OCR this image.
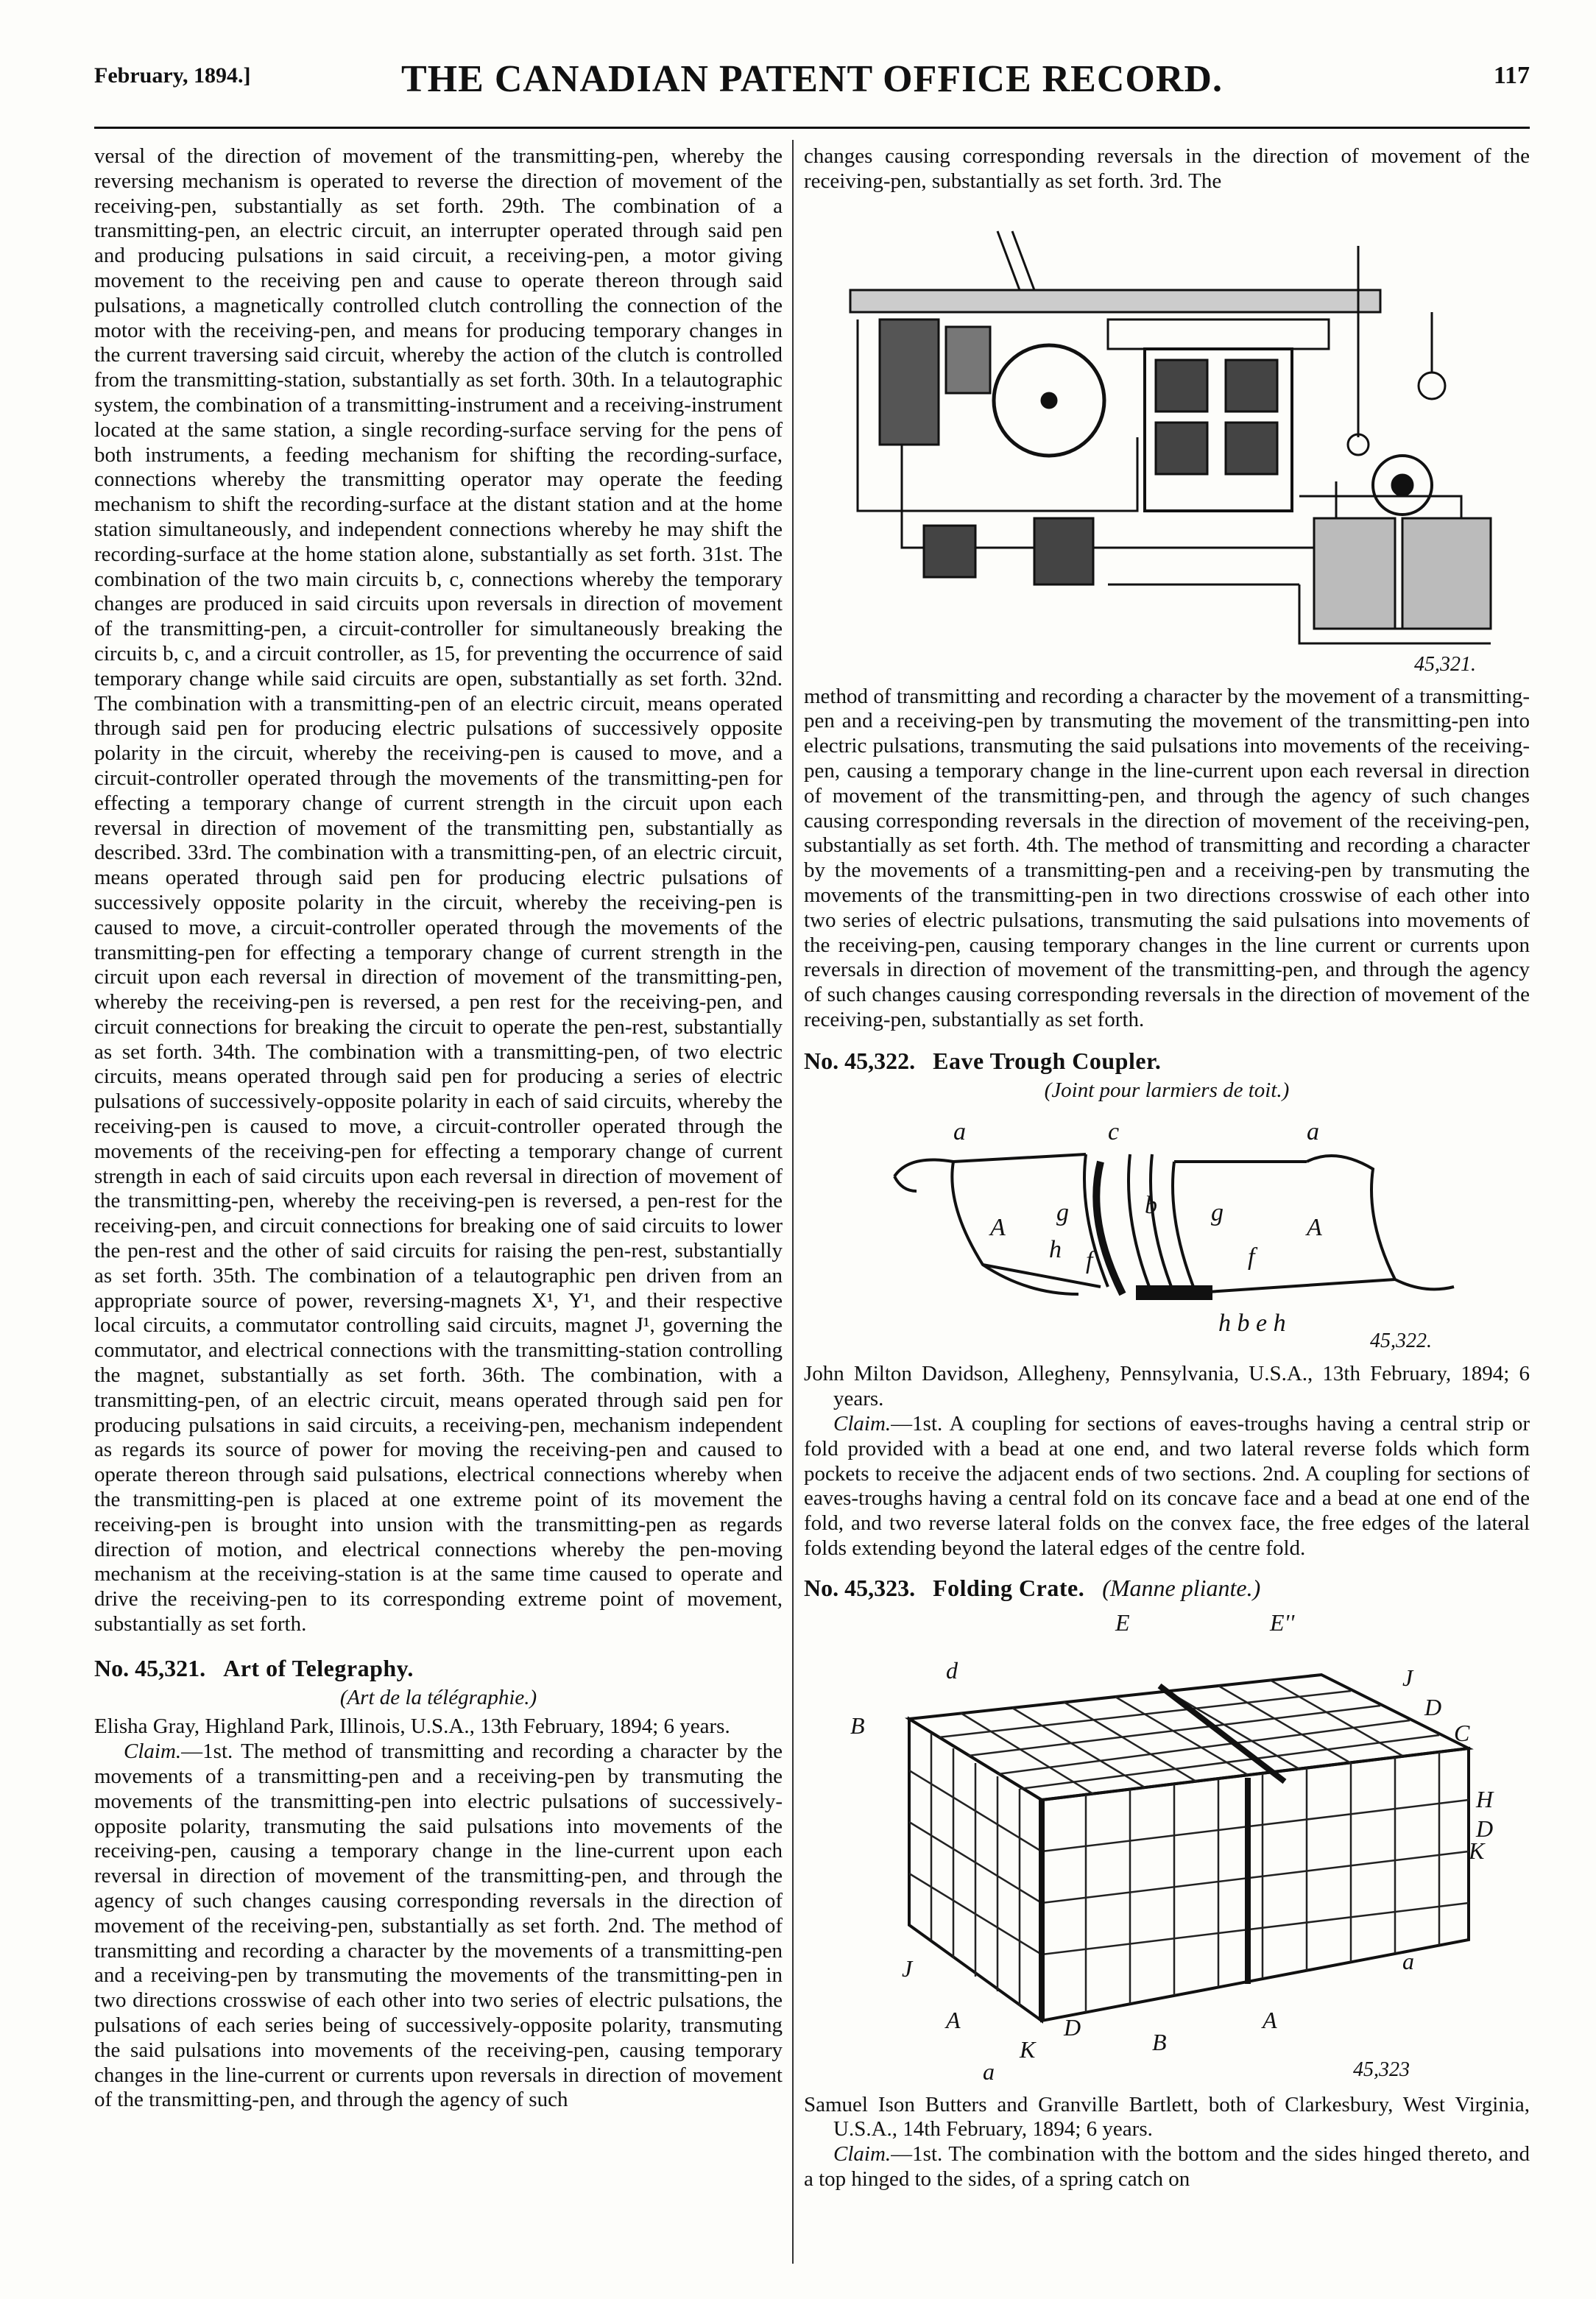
February, 1894.]	THE CANADIAN PATENT OFFICE RECORD.	117

versal of the direction of movement of the transmitting-pen, whereby the reversing mechanism is operated to reverse the direction of movement of the receiving-pen, substantially as set forth. 29th. The combination of a transmitting-pen, an electric circuit, an interrupter operated through said pen and producing pulsations in said circuit, a receiving-pen, a motor giving movement to the receiving pen and cause to operate thereon through said pulsations, a magnetically controlled clutch controlling the connection of the motor with the receiving-pen, and means for producing temporary changes in the current traversing said circuit, whereby the action of the clutch is controlled from the transmitting-station, substantially as set forth. 30th. In a telautographic system, the combination of a transmitting-instrument and a receiving-instrument located at the same station, a single recording-surface serving for the pens of both instruments, a feeding mechanism for shifting the recording-surface, connections whereby the transmitting operator may operate the feeding mechanism to shift the recording-surface at the distant station and at the home station simultaneously, and independent connections whereby he may shift the recording-surface at the home station alone, substantially as set forth. 31st. The combination of the two main circuits b, c, connections whereby the temporary changes are produced in said circuits upon reversals in direction of movement of the transmitting-pen, a circuit-controller for simultaneously breaking the circuits b, c, and a circuit controller, as 15, for preventing the occurrence of said temporary change while said circuits are open, substantially as set forth. 32nd. The combination with a transmitting-pen of an electric circuit, means operated through said pen for producing electric pulsations of successively opposite polarity in the circuit, whereby the receiving-pen is caused to move, and a circuit-controller operated through the movements of the transmitting-pen for effecting a temporary change of current strength in the circuit upon each reversal in direction of movement of the transmitting pen, substantially as described. 33rd. The combination with a transmitting-pen, of an electric circuit, means operated through said pen for producing electric pulsations of successively opposite polarity in the circuit, whereby the receiving-pen is caused to move, a circuit-controller operated through the movements of the transmitting-pen for effecting a temporary change of current strength in the circuit upon each reversal in direction of movement of the transmitting-pen, whereby the receiving-pen is reversed, a pen rest for the receiving-pen, and circuit connections for breaking the circuit to operate the pen-rest, substantially as set forth. 34th. The combination with a transmitting-pen, of two electric circuits, means operated through said pen for producing a series of electric pulsations of successively-opposite polarity in each of said circuits, whereby the receiving-pen is caused to move, a circuit-controller operated through the movements of the receiving-pen for effecting a temporary change of current strength in each of said circuits upon each reversal in direction of movement of the transmitting-pen, whereby the receiving-pen is reversed, a pen-rest for the receiving-pen, and circuit connections for breaking one of said circuits to lower the pen-rest and the other of said circuits for raising the pen-rest, substantially as set forth. 35th. The combination of a telautographic pen driven from an appropriate source of power, reversing-magnets X¹, Y¹, and their respective local circuits, a commutator controlling said circuits, magnet J¹, governing the commutator, and electrical connections with the transmitting-station controlling the magnet, substantially as set forth. 36th. The combination, with a transmitting-pen, of an electric circuit, means operated through said pen for producing pulsations in said circuits, a receiving-pen, mechanism independent as regards its source of power for moving the receiving-pen and caused to operate thereon through said pulsations, electrical connections whereby when the transmitting-pen is placed at one extreme point of its movement the receiving-pen is brought into unsion with the transmitting-pen as regards direction of motion, and electrical connections whereby the pen-moving mechanism at the receiving-station is at the same time caused to operate and drive the receiving-pen to its corresponding extreme point of movement, substantially as set forth.

No. 45,321. Art of Telegraphy.
(Art de la télégraphie.)
Elisha Gray, Highland Park, Illinois, U.S.A., 13th February, 1894; 6 years.

Claim.—1st. The method of transmitting and recording a character by the movements of a transmitting-pen and a receiving-pen by transmuting the movements of the transmitting-pen into electric pulsations of successively-opposite polarity, transmuting the said pulsations into movements of the receiving-pen, causing a temporary change in the line-current upon each reversal in direction of movement of the transmitting-pen, and through the agency of such changes causing corresponding reversals in the direction of movement of the receiving-pen, substantially as set forth. 2nd. The method of transmitting and recording a character by the movements of a transmitting-pen and a receiving-pen by transmuting the movements of the transmitting-pen in two directions crosswise of each other into two series of electric pulsations, the pulsations of each series being of successively-opposite polarity, transmuting the said pulsations into movements of the receiving-pen, causing temporary changes in the line-current or currents upon reversals in direction of movement of the transmitting-pen, and through the agency of such

changes causing corresponding reversals in the direction of movement of the receiving-pen, substantially as set forth. 3rd. The

45,321.

method of transmitting and recording a character by the movement of a transmitting-pen and a receiving-pen by transmuting the movement of the transmitting-pen into electric pulsations, transmuting the said pulsations into movements of the receiving-pen, causing a temporary change in the line-current upon each reversal in direction of movement of the transmitting-pen, and through the agency of such changes causing corresponding reversals in the direction of movement of the receiving-pen, substantially as set forth. 4th. The method of transmitting and recording a character by the movements of a transmitting-pen and a receiving-pen by transmuting the movements of the transmitting-pen in two directions crosswise of each other into two series of electric pulsations, transmuting the said pulsations into movements of the receiving-pen, causing temporary changes in the line current or currents upon reversals in direction of movement of the transmitting-pen, and through the agency of such changes causing corresponding reversals in the direction of movement of the receiving-pen, substantially as set forth.

No. 45,322. Eave Trough Coupler.
(Joint pour larmiers de toit.)
a	a
c
A	A
g	g
h
b
f	f
h b e h
45,322.
John Milton Davidson, Allegheny, Pennsylvania, U.S.A., 13th February, 1894; 6 years.

Claim.—1st. A coupling for sections of eaves-troughs having a central strip or fold provided with a bead at one end, and two lateral reverse folds which form pockets to receive the adjacent ends of two sections. 2nd. A coupling for sections of eaves-troughs having a central fold on its concave face and a bead at one end of the fold, and two reverse lateral folds on the convex face, the free edges of the lateral folds extending beyond the lateral edges of the centre fold.

No. 45,323. Folding Crate. (Manne pliante.)
E	E''
d
B
J
D
C
H
D
K
J
A
K
D
B
A
a
a
45,323
Samuel Ison Butters and Granville Bartlett, both of Clarkesbury, West Virginia, U.S.A., 14th February, 1894; 6 years.

Claim.—1st. The combination with the bottom and the sides hinged thereto, and a top hinged to the sides, of a spring catch on
